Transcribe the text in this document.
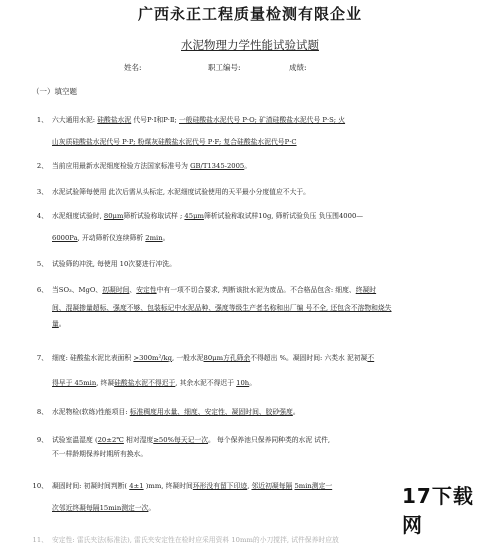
广西永正工程质量检测有限企业
水泥物理力学性能试验试题
姓名:	职工编号:	成绩:
（一）填空题
1、 六大通用水泥: 硅酸盐水泥 代号P·Ⅰ和P·Ⅱ; 一般硅酸盐水泥代号 P·O; 矿渣硅酸盐水泥代号 P·S; 火
山灰质硅酸盐水泥代号 P·P; 粉煤灰硅酸盐水泥代号 P·F; 复合硅酸盐水泥代号P·C
2、 当前应用最新水泥细度检验方法国家标准号为 GB/T1345-2005。
3、 水泥试验筛每使用 此次后需从头标定, 水泥细度试验使用的天平最小分度值应不大于。
4、 水泥细度试验时, 80μm筛析试验称取试样 ; 45μm筛析试验称取试样10g, 筛析试验负压 负压围4000—
6000Pa, 开动筛析仪连续筛析 2min。
5、 试验筛的冲洗, 每使用 10次要进行冲洗。
6、 当SO₃、MgO、初凝时间、安定性中有一项不切合要求, 判断该批水泥为废品。不合格品包含: 细度、终凝时
间、混凝掺量超标、强度不够、包装标记中水泥品种、强度等级生产者名称和出厂编 号不全, 还包含不溶物和烧失
量。
7、 细度: 硅酸盐水泥比表面积 >300m²/kg, 一般水泥80μm方孔筛余不得超出 %。凝固时间: 六类水 泥初凝不
得早于 45min, 终凝硅酸盐水泥不得迟于, 其余水泥不得迟于 10h。
8、 水泥物检(软练)性能项目: 标准稠度用水量、细度、安定性、凝固时间、胶砂强度。
9、 试验室温湿度 (20±2℃ 相对湿度≥50%每天记一次。 每个保养池只保养同种类的水泥 试件,
不一样龄期保养时期所有换水。
10、 凝固时间: 初凝时间判断( 4±1 )mm, 终凝时间环形没有留下印迹, 邻近初凝每隔 5min测定一
次邻近终凝每隔15min测定一次。
11、 安定性: 雷氏夹法(标准法), 雷氏夹安定性在检时应采用资料 10mm的小刀搅拌, 试件保养时应放
17下载网
